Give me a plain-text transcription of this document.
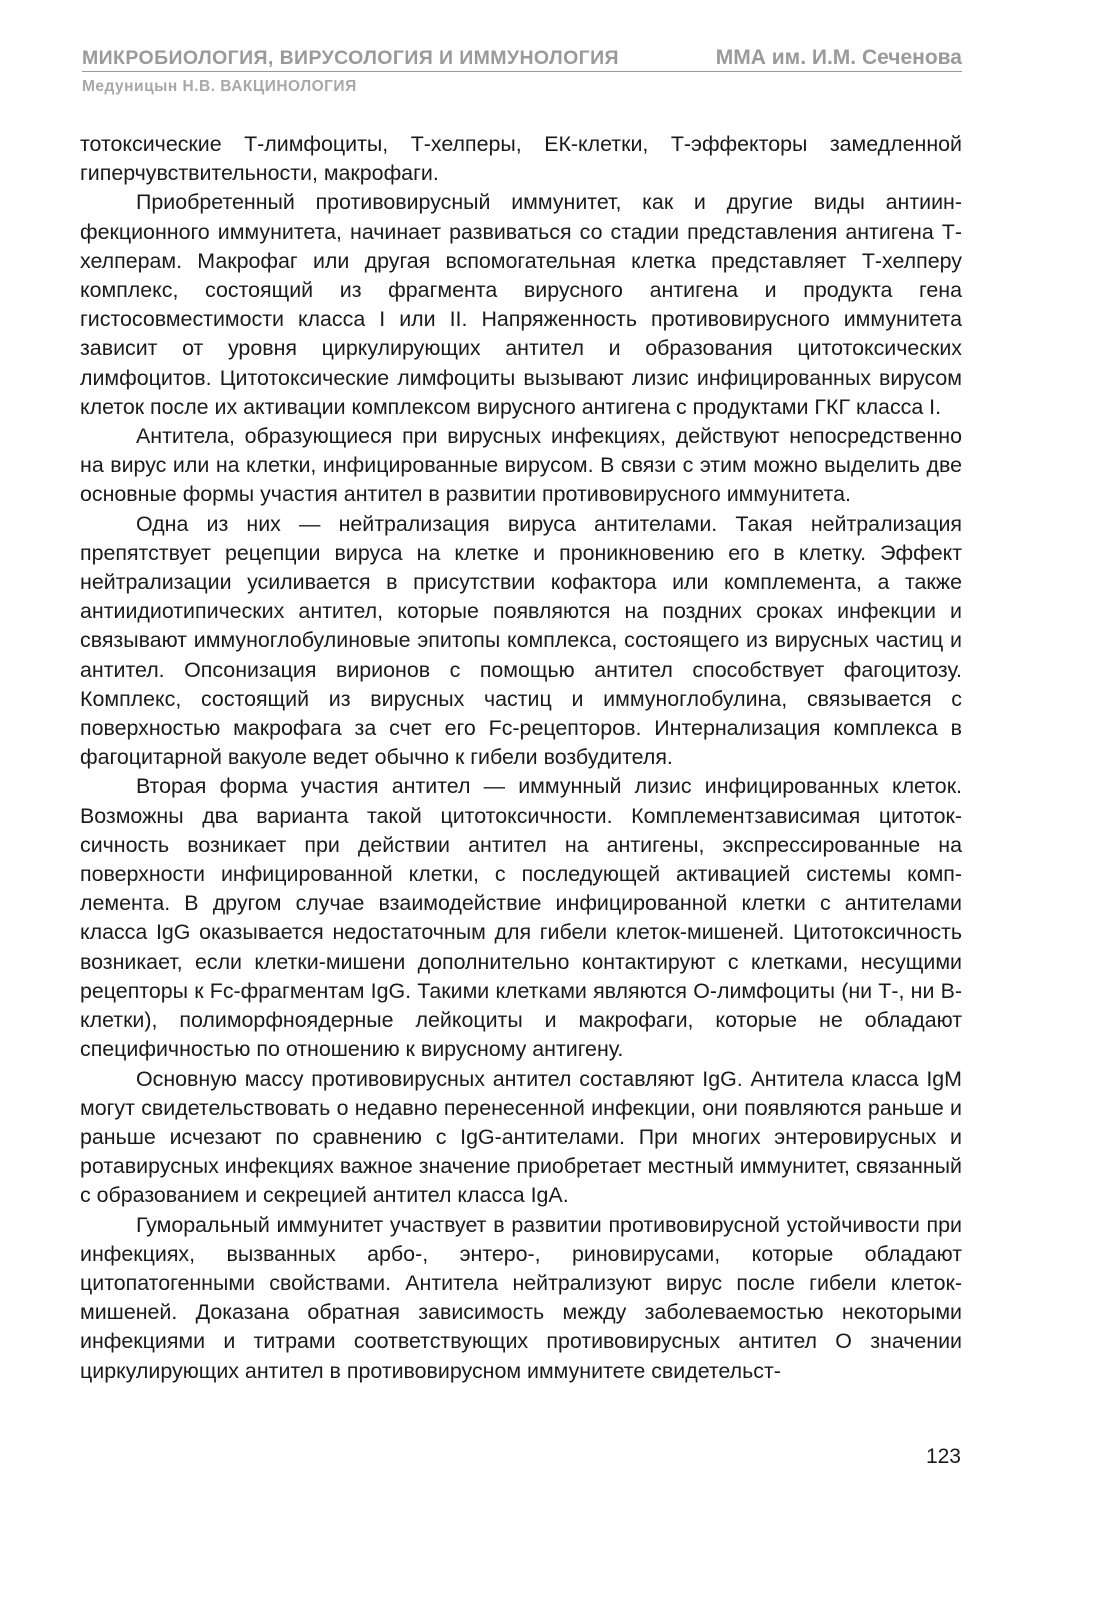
МИКРОБИОЛОГИЯ, ВИРУСОЛОГИЯ И ИММУНОЛОГИЯ	ММА им. И.М. Сеченова
Медуницын Н.В. ВАКЦИНОЛОГИЯ

тотоксические Т-лимфоциты, Т-хелперы, ЕК-клетки, Т-эффекторы замедленной гиперчувствительности, макрофаги.

Приобретенный противовирусный иммунитет, как и другие виды антиинфекционного иммунитета, начинает развиваться со стадии представления антигена Т-хелперам. Макрофаг или другая вспомогательная клетка представляет Т-хелперу комплекс, состоящий из фрагмента вирусного антигена и продукта гена гистосовместимости класса I или II. Напряженность противовирусного иммунитета зависит от уровня циркулирующих антител и образования цитотоксических лимфоцитов. Цитотоксические лимфоциты вызывают лизис инфицированных вирусом клеток после их активации комплексом вирусного антигена с продуктами ГКГ класса I.

Антитела, образующиеся при вирусных инфекциях, действуют непосредственно на вирус или на клетки, инфицированные вирусом. В связи с этим можно выделить две основные формы участия антител в развитии противовирусного иммунитета.

Одна из них — нейтрализация вируса антителами. Такая нейтрализация препятствует рецепции вируса на клетке и проникновению его в клетку. Эффект нейтрализации усиливается в присутствии кофактора или комплемента, а также антиидиотипических антител, которые появляются на поздних сроках инфекции и связывают иммуноглобулиновые эпитопы комплекса, состоящего из вирусных частиц и антител. Опсонизация вирионов с помощью антител способствует фагоцитозу. Комплекс, состоящий из вирусных частиц и иммуноглобулина, связывается с поверхностью макрофага за счет его Fc-рецепторов. Интернализация комплекса в фагоцитарной вакуоле ведет обычно к гибели возбудителя.

Вторая форма участия антител — иммунный лизис инфицированных клеток. Возможны два варианта такой цитотоксичности. Комплементзависимая цитотоксичность возникает при действии антител на антигены, экспрессированные на поверхности инфицированной клетки, с последующей активацией системы комплемента. В другом случае взаимодействие инфицированной клетки с антителами класса IgG оказывается недостаточным для гибели клеток-мишеней. Цитотоксичность возникает, если клетки-мишени дополнительно контактируют с клетками, несущими рецепторы к Fc-фрагментам IgG. Такими клетками являются О-лимфоциты (ни Т-, ни В-клетки), полиморфноядерные лейкоциты и макрофаги, которые не обладают специфичностью по отношению к вирусному антигену.

Основную массу противовирусных антител составляют IgG. Антитела класса IgM могут свидетельствовать о недавно перенесенной инфекции, они появляются раньше и раньше исчезают по сравнению с IgG-антителами. При многих энтеровирусных и ротавирусных инфекциях важное значение приобретает местный иммунитет, связанный с образованием и секрецией антител класса IgA.

Гуморальный иммунитет участвует в развитии противовирусной устойчивости при инфекциях, вызванных арбо-, энтеро-, риновирусами, которые обладают цитопатогенными свойствами. Антитела нейтрализуют вирус после гибели клеток-мишеней. Доказана обратная зависимость между заболеваемостью некоторыми инфекциями и титрами соответствующих противовирусных антител О значении циркулирующих антител в противовирусном иммунитете свидетельст-

123
